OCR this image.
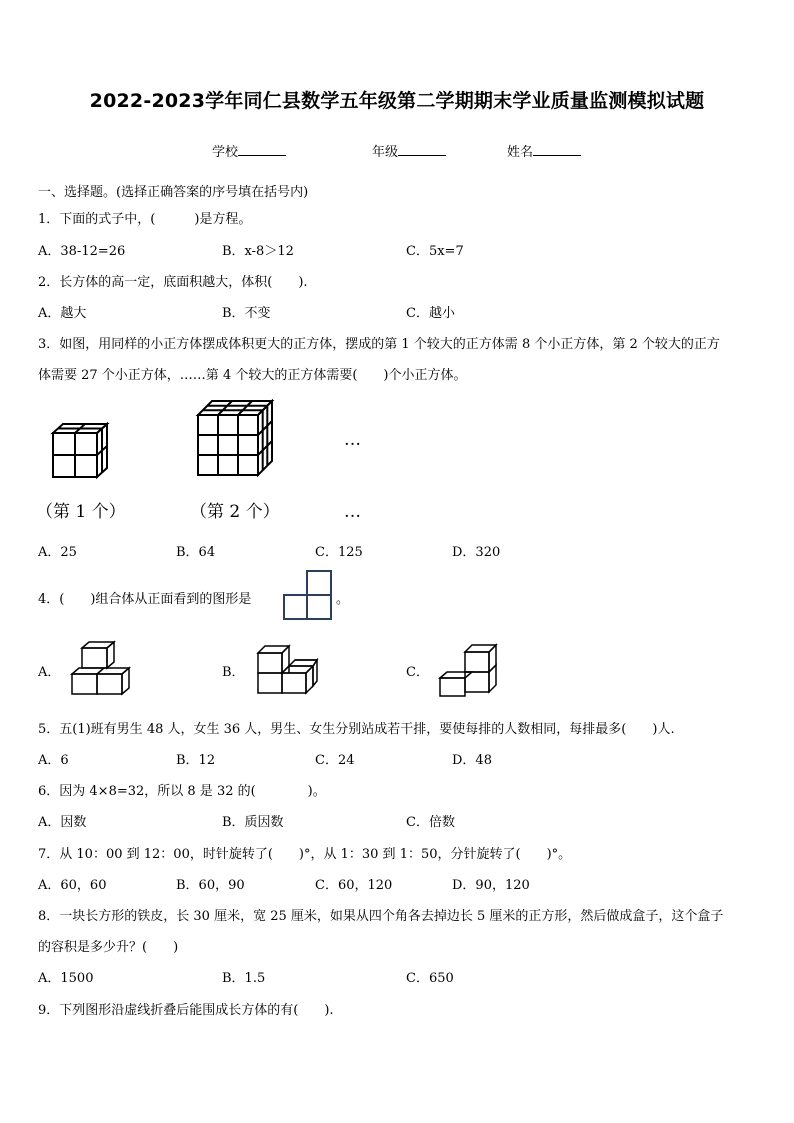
2022-2023学年同仁县数学五年级第二学期期末学业质量监测模拟试题
学校	年级	姓名
一、选择题。(选择正确答案的序号填在括号内)
1．下面的式子中，(　　　)是方程。
A．38-12=26	B．x-8＞12	C．5x=7
2．长方体的高一定，底面积越大，体积(　　).
A．越大	B．不变	C．越小
3．如图，用同样的小正方体摆成体积更大的正方体，摆成的第 1 个较大的正方体需 8 个小正方体，第 2 个较大的正方
体需要 27 个小正方体，……第 4 个较大的正方体需要(　　)个小正方体。
…
（第 1 个）	（第 2 个）	…
A．25	B．64	C．125	D．320
4．(　　)组合体从正面看到的图形是	。
A．	B．	C．
5．五(1)班有男生 48 人，女生 36 人，男生、女生分别站成若干排，要使每排的人数相同，每排最多(　　)人.
A．6	B．12	C．24	D．48
6．因为 4×8=32，所以 8 是 32 的(　　　　)。
A．因数	B．质因数	C．倍数
7．从 10：00 到 12：00，时针旋转了(　　)°，从 1：30 到 1：50，分针旋转了(　　)°。
A．60，60	B．60，90	C．60，120	D．90，120
8．一块长方形的铁皮，长 30 厘米，宽 25 厘米，如果从四个角各去掉边长 5 厘米的正方形，然后做成盒子，这个盒子
的容积是多少升？(　　)
A．1500	B．1.5	C．650
9．下列图形沿虚线折叠后能围成长方体的有(　　).
